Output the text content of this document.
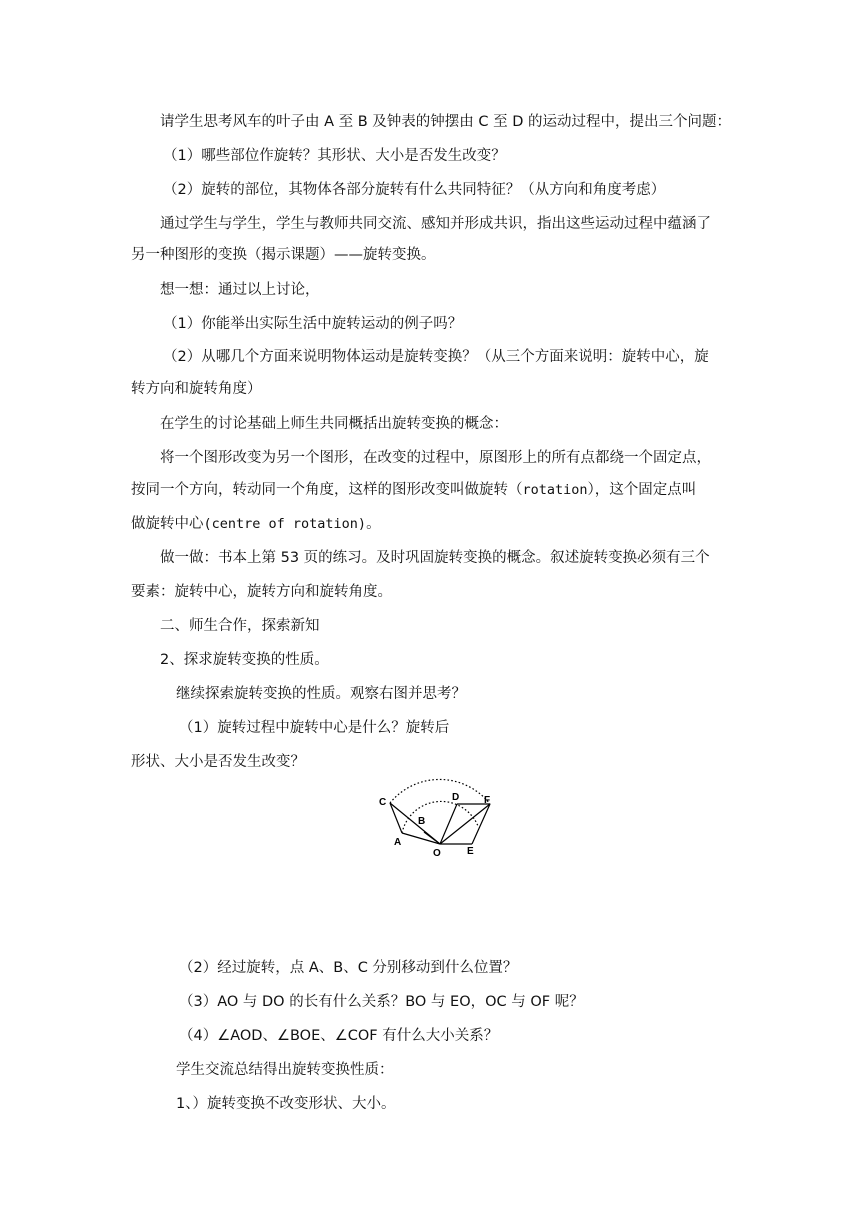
请学生思考风车的叶子由 A 至 B 及钟表的钟摆由 C 至 D 的运动过程中，提出三个问题：
（1）哪些部位作旋转？其形状、大小是否发生改变？
（2）旋转的部位，其物体各部分旋转有什么共同特征？（从方向和角度考虑）
通过学生与学生，学生与教师共同交流、感知并形成共识，指出这些运动过程中蕴涵了
另一种图形的变换（揭示课题）——旋转变换。
想一想：通过以上讨论，
（1）你能举出实际生活中旋转运动的例子吗？
（2）从哪几个方面来说明物体运动是旋转变换？（从三个方面来说明：旋转中心，旋
转方向和旋转角度）
在学生的讨论基础上师生共同概括出旋转变换的概念：
将一个图形改变为另一个图形，在改变的过程中，原图形上的所有点都绕一个固定点，
按同一个方向，转动同一个角度，这样的图形改变叫做旋转（rotation），这个固定点叫
做旋转中心(centre of rotation)。
做一做：书本上第 53 页的练习。及时巩固旋转变换的概念。叙述旋转变换必须有三个
要素：旋转中心，旋转方向和旋转角度。
二、师生合作，探索新知
2、探求旋转变换的性质。
继续探索旋转变换的性质。观察右图并思考？
（1）旋转过程中旋转中心是什么？旋转后
形状、大小是否发生改变？
C	D F
B
A
O	E
（2）经过旋转，点 A、B、C 分别移动到什么位置？
（3）AO 与 DO 的长有什么关系？BO 与 EO，OC 与 OF 呢？
（4）∠AOD、∠BOE、∠COF 有什么大小关系？
学生交流总结得出旋转变换性质：
1、）旋转变换不改变形状、大小。
